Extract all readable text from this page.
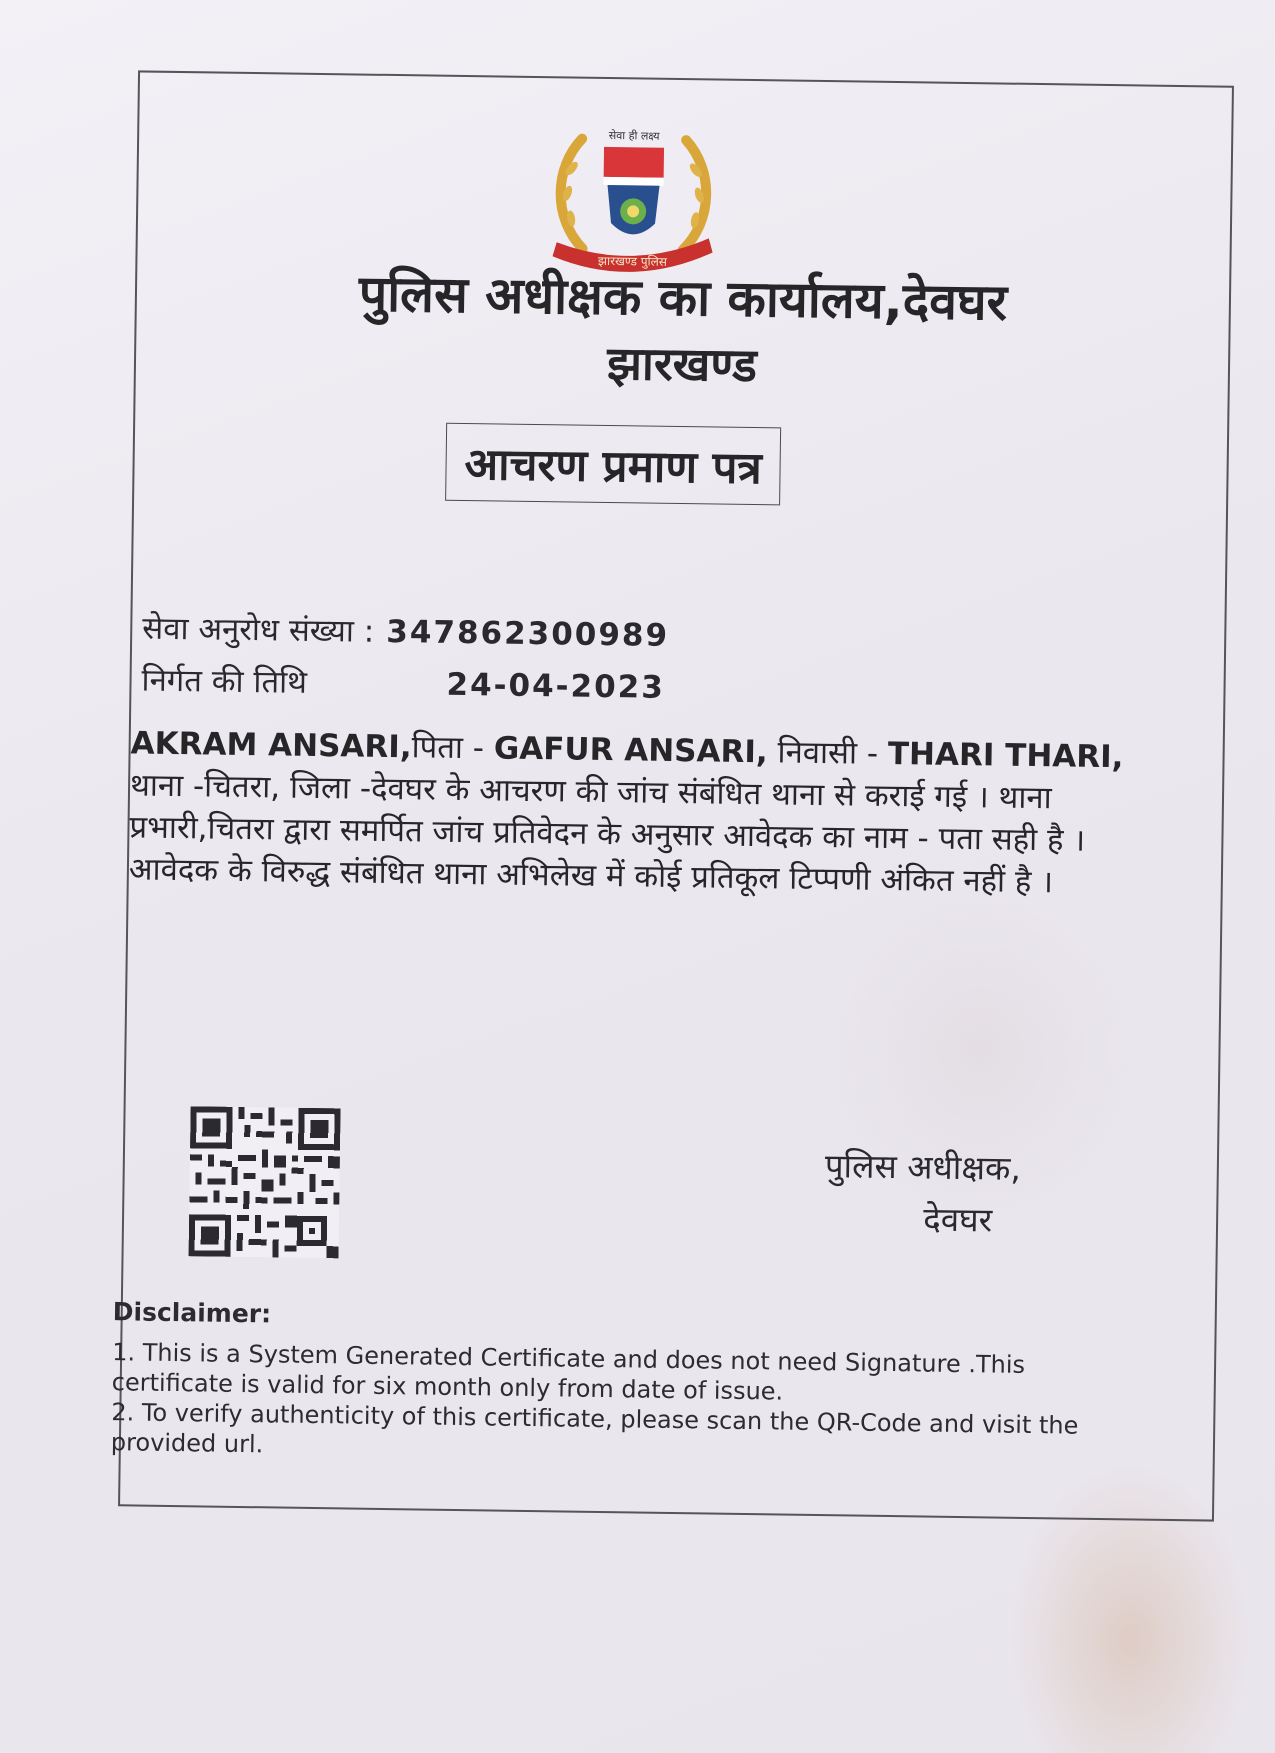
सेवा ही लक्ष्य
झारखण्ड पुलिस
पुलिस अधीक्षक का कार्यालय,देवघर
झारखण्ड
आचरण प्रमाण पत्र
सेवा अनुरोध संख्या : 347862300989
निर्गत की तिथि	24-04-2023
AKRAM ANSARI,पिता - GAFUR ANSARI, निवासी - THARI THARI, थाना -चितरा, जिला -देवघर के आचरण की जांच संबंधित थाना से कराई गई । थाना प्रभारी,चितरा द्वारा समर्पित जांच प्रतिवेदन के अनुसार आवेदक का नाम - पता सही है । आवेदक के विरुद्ध संबंधित थाना अभिलेख में कोई प्रतिकूल टिप्पणी अंकित नहीं है ।
पुलिस अधीक्षक,
देवघर
Disclaimer:
1. This is a System Generated Certificate and does not need Signature .This certificate is valid for six month only from date of issue.
2. To verify authenticity of this certificate, please scan the QR-Code and visit the provided url.
